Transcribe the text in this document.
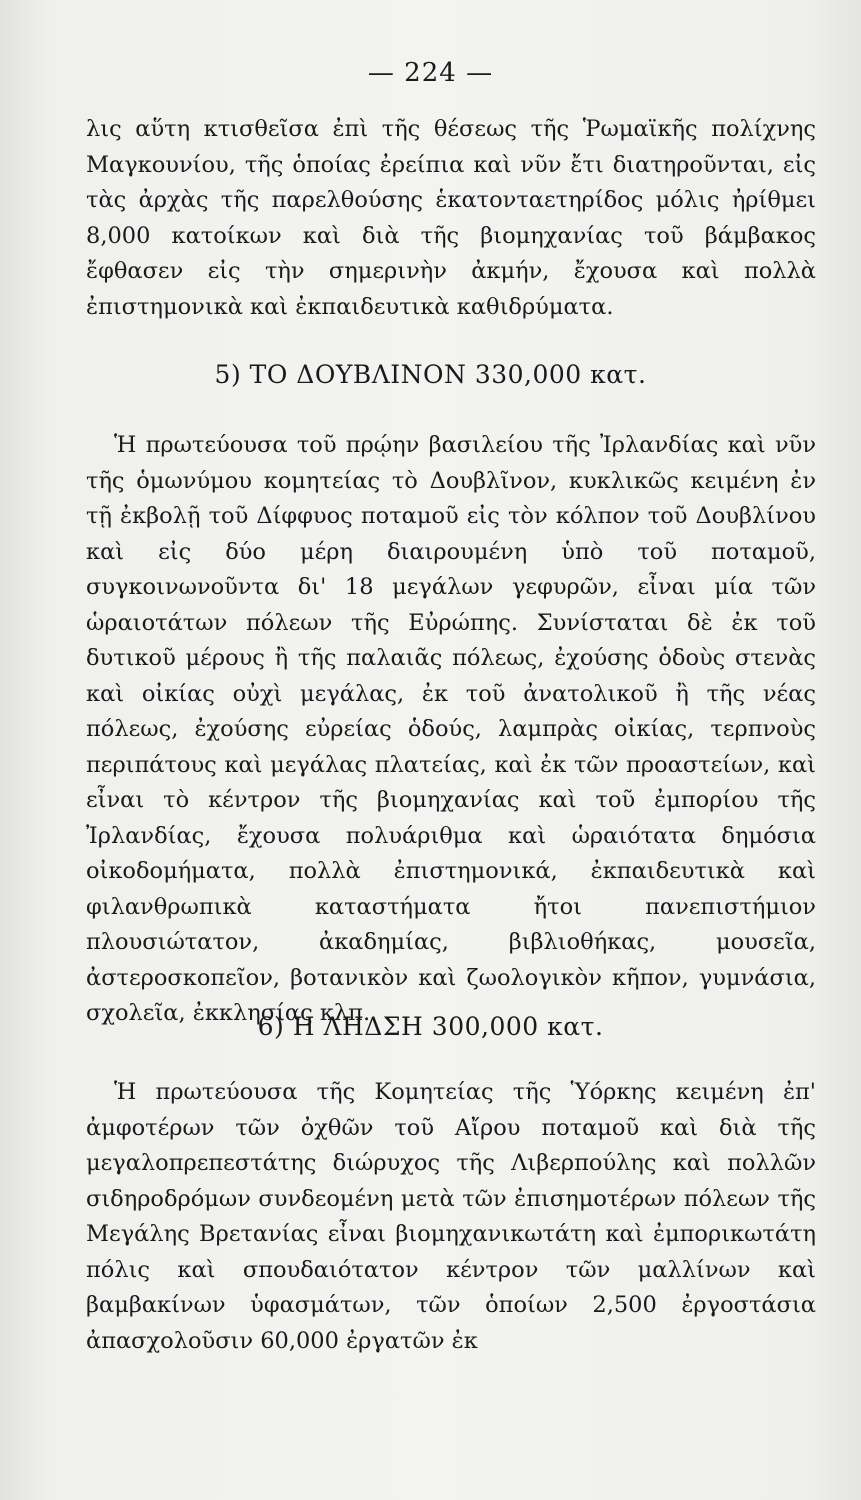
— 224 —

λις αὕτη κτισθεῖσα ἐπὶ τῆς θέσεως τῆς Ῥωμαϊκῆς πολίχνης Μαγκουνίου, τῆς ὁποίας ἐρείπια καὶ νῦν ἔτι διατηροῦνται, εἰς τὰς ἀρχὰς τῆς παρελθούσης ἑκατονταετηρίδος μόλις ἠρίθμει 8,000 κατοίκων καὶ διὰ τῆς βιομηχανίας τοῦ βάμβακος ἔφθασεν εἰς τὴν σημερινὴν ἀκμήν, ἔχουσα καὶ πολλὰ ἐπιστημονικὰ καὶ ἐκπαιδευτικὰ καθιδρύματα.

5) ΤΟ ΔΟΥΒΛΙΝΟΝ 330,000 κατ.

Ἡ πρωτεύουσα τοῦ πρῴην βασιλείου τῆς Ἰρλανδίας καὶ νῦν τῆς ὁμωνύμου κομητείας τὸ Δουβλῖνον, κυκλικῶς κειμένη ἐν τῇ ἐκβολῇ τοῦ Δίφφυος ποταμοῦ εἰς τὸν κόλπον τοῦ Δουβλίνου καὶ εἰς δύο μέρη διαιρουμένη ὑπὸ τοῦ ποταμοῦ, συγκοινωνοῦντα δι' 18 μεγάλων γεφυρῶν, εἶναι μία τῶν ὡραιοτάτων πόλεων τῆς Εὐρώπης. Συνίσταται δὲ ἐκ τοῦ δυτικοῦ μέρους ἢ τῆς παλαιᾶς πόλεως, ἐχούσης ὁδοὺς στενὰς καὶ οἰκίας οὐχὶ μεγάλας, ἐκ τοῦ ἀνατολικοῦ ἢ τῆς νέας πόλεως, ἐχούσης εὐρείας ὁδούς, λαμπρὰς οἰκίας, τερπνοὺς περιπάτους καὶ μεγάλας πλατείας, καὶ ἐκ τῶν προαστείων, καὶ εἶναι τὸ κέντρον τῆς βιομηχανίας καὶ τοῦ ἐμπορίου τῆς Ἰρλανδίας, ἔχουσα πολυάριθμα καὶ ὡραιότατα δημόσια οἰκοδομήματα, πολλὰ ἐπιστημονικά, ἐκπαιδευτικὰ καὶ φιλανθρωπικὰ καταστήματα ἤτοι πανεπιστήμιον πλουσιώτατον, ἀκαδημίας, βιβλιοθήκας, μουσεῖα, ἀστεροσκοπεῖον, βοτανικὸν καὶ ζωολογικὸν κῆπον, γυμνάσια, σχολεῖα, ἐκκλησίας κλπ.

6) Η ΛΗΔΣΗ 300,000 κατ.

Ἡ πρωτεύουσα τῆς Κομητείας τῆς Ὑόρκης κειμένη ἐπ' ἀμφοτέρων τῶν ὀχθῶν τοῦ Αἴρου ποταμοῦ καὶ διὰ τῆς μεγαλοπρεπεστάτης διώρυχος τῆς Λιβερπούλης καὶ πολλῶν σιδηροδρόμων συνδεομένη μετὰ τῶν ἐπισημοτέρων πόλεων τῆς Μεγάλης Βρετανίας εἶναι βιομηχανικωτάτη καὶ ἐμπορικωτάτη πόλις καὶ σπουδαιότατον κέντρον τῶν μαλλίνων καὶ βαμβακίνων ὑφασμάτων, τῶν ὁποίων 2,500 ἐργοστάσια ἀπασχολοῦσιν 60,000 ἐργατῶν ἐκ
